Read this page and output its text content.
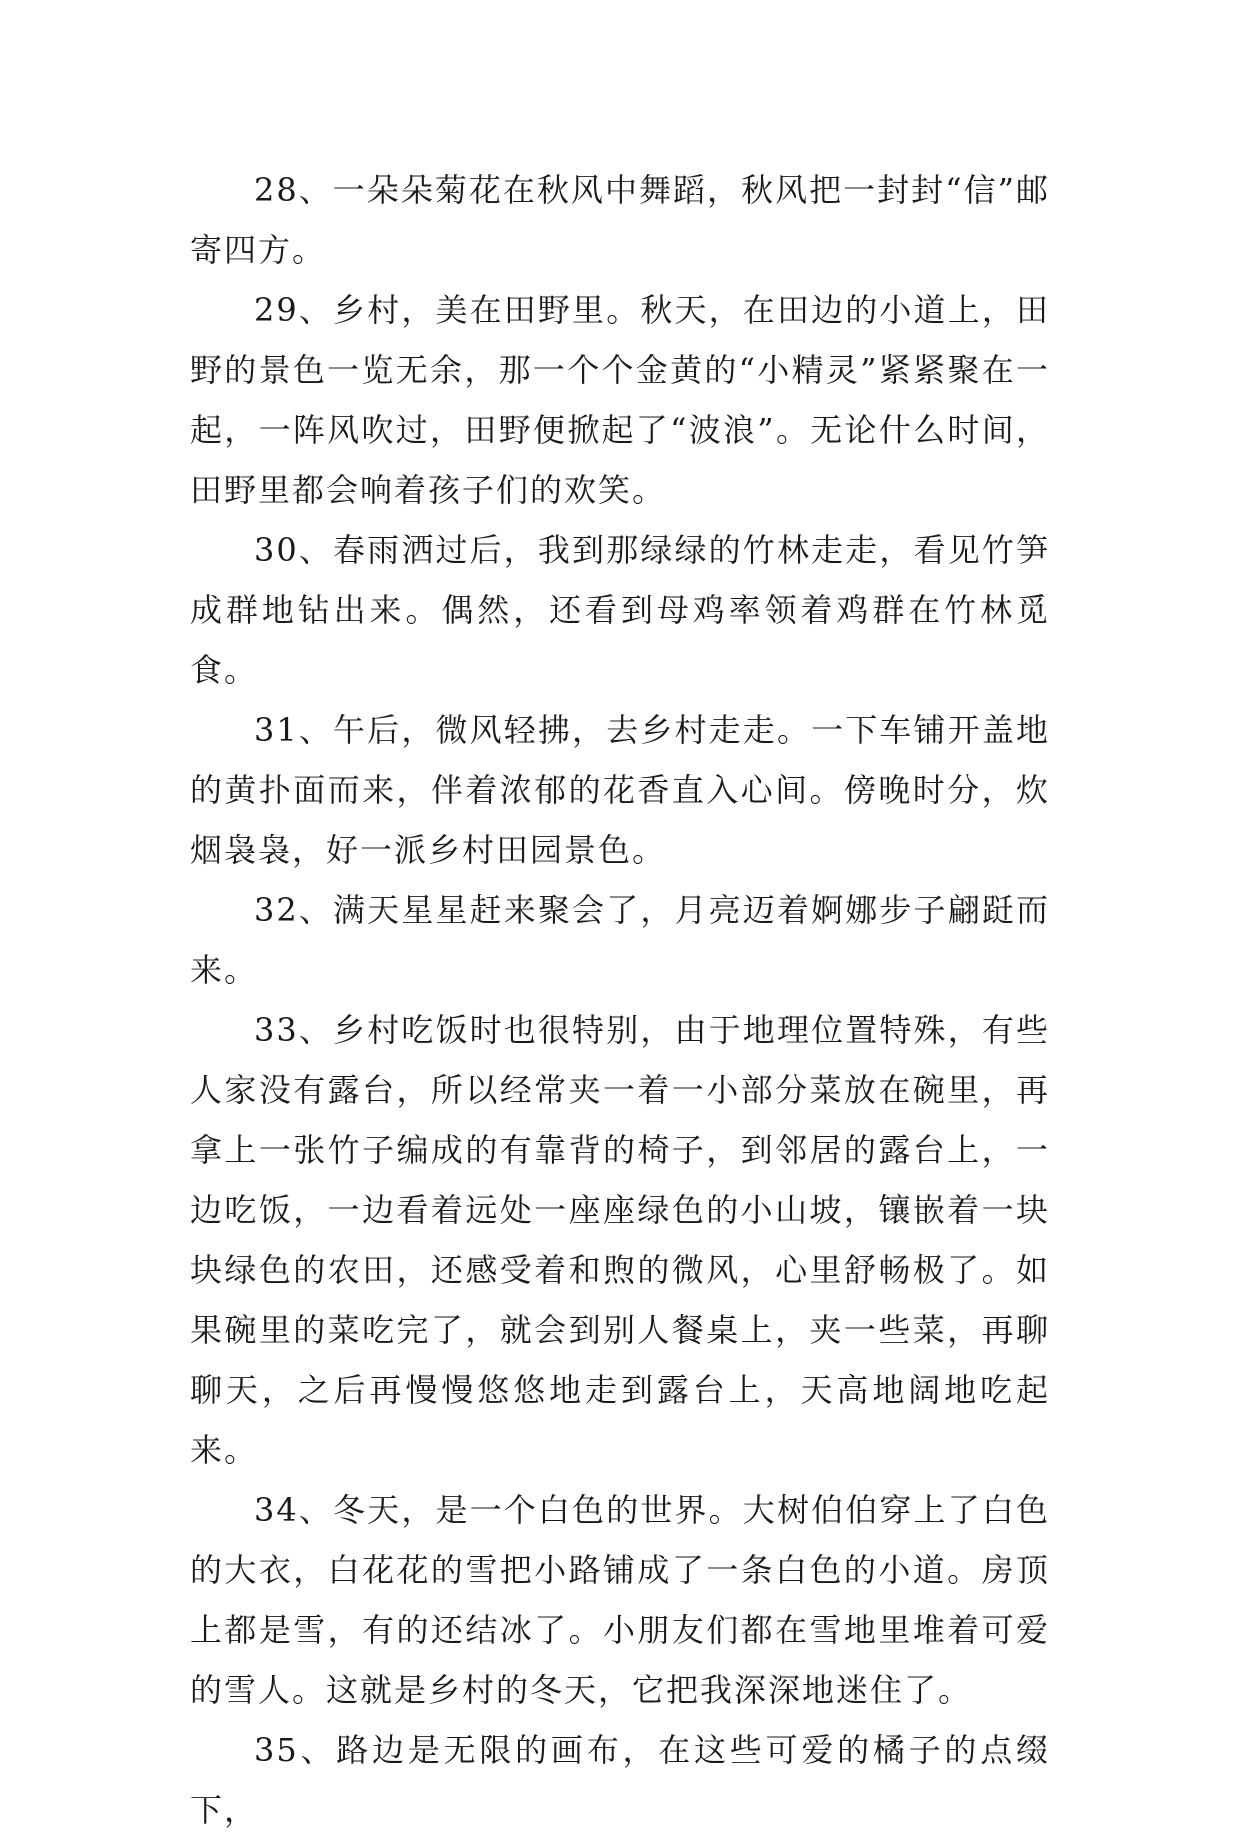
28、一朵朵菊花在秋风中舞蹈，秋风把一封封“信”邮寄四方。

29、乡村，美在田野里。秋天，在田边的小道上，田野的景色一览无余，那一个个金黄的“小精灵”紧紧聚在一起，一阵风吹过，田野便掀起了“波浪”。无论什么时间，田野里都会响着孩子们的欢笑。

30、春雨洒过后，我到那绿绿的竹林走走，看见竹笋成群地钻出来。偶然，还看到母鸡率领着鸡群在竹林觅食。

31、午后，微风轻拂，去乡村走走。一下车铺开盖地的黄扑面而来，伴着浓郁的花香直入心间。傍晚时分，炊烟袅袅，好一派乡村田园景色。

32、满天星星赶来聚会了，月亮迈着婀娜步子翩跹而来。

33、乡村吃饭时也很特别，由于地理位置特殊，有些人家没有露台，所以经常夹一着一小部分菜放在碗里，再拿上一张竹子编成的有靠背的椅子，到邻居的露台上，一边吃饭，一边看着远处一座座绿色的小山坡，镶嵌着一块块绿色的农田，还感受着和煦的微风，心里舒畅极了。如果碗里的菜吃完了，就会到别人餐桌上，夹一些菜，再聊聊天，之后再慢慢悠悠地走到露台上，天高地阔地吃起来。

34、冬天，是一个白色的世界。大树伯伯穿上了白色的大衣，白花花的雪把小路铺成了一条白色的小道。房顶上都是雪，有的还结冰了。小朋友们都在雪地里堆着可爱的雪人。这就是乡村的冬天，它把我深深地迷住了。

35、路边是无限的画布，在这些可爱的橘子的点缀下，
